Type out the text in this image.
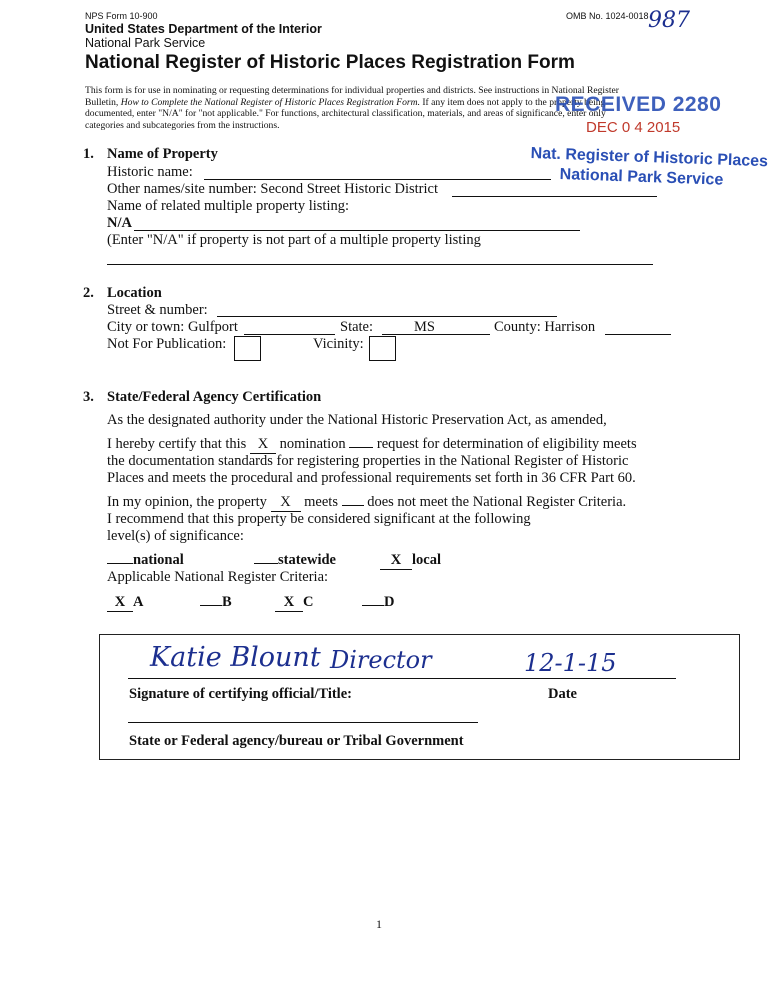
NPS Form 10-900	OMB No. 1024-0018 987
United States Department of the Interior
National Park Service
National Register of Historic Places Registration Form
This form is for use in nominating or requesting determinations for individual properties and districts. See instructions in National Register
Bulletin, How to Complete the National Register of Historic Places Registration Form. If any item does not apply to the property being
documented, enter "N/A" for "not applicable." For functions, architectural classification, materials, and areas of significance, enter only
categories and subcategories from the instructions.
RECEIVED 2280
DEC 0 4 2015
Nat. Register of Historic Places
National Park Service
1. Name of Property
Historic name:
Other names/site number: Second Street Historic District
Name of related multiple property listing:
N/A
(Enter "N/A" if property is not part of a multiple property listing
2. Location
Street & number:
City or town: Gulfport	State:	MS	County: Harrison
Not For Publication:	Vicinity:
3. State/Federal Agency Certification
As the designated authority under the National Historic Preservation Act, as amended,
I hereby certify that this X nomination  request for determination of eligibility meets
the documentation standards for registering properties in the National Register of Historic
Places and meets the procedural and professional requirements set forth in 36 CFR Part 60.
In my opinion, the property X meets  does not meet the National Register Criteria.
I recommend that this property be considered significant at the following
level(s) of significance:
national	statewide	X local
Applicable National Register Criteria:
X A	B	X C	D
Katie Blount Director	12-1-15
Signature of certifying official/Title:	Date
State or Federal agency/bureau or Tribal Government
1
